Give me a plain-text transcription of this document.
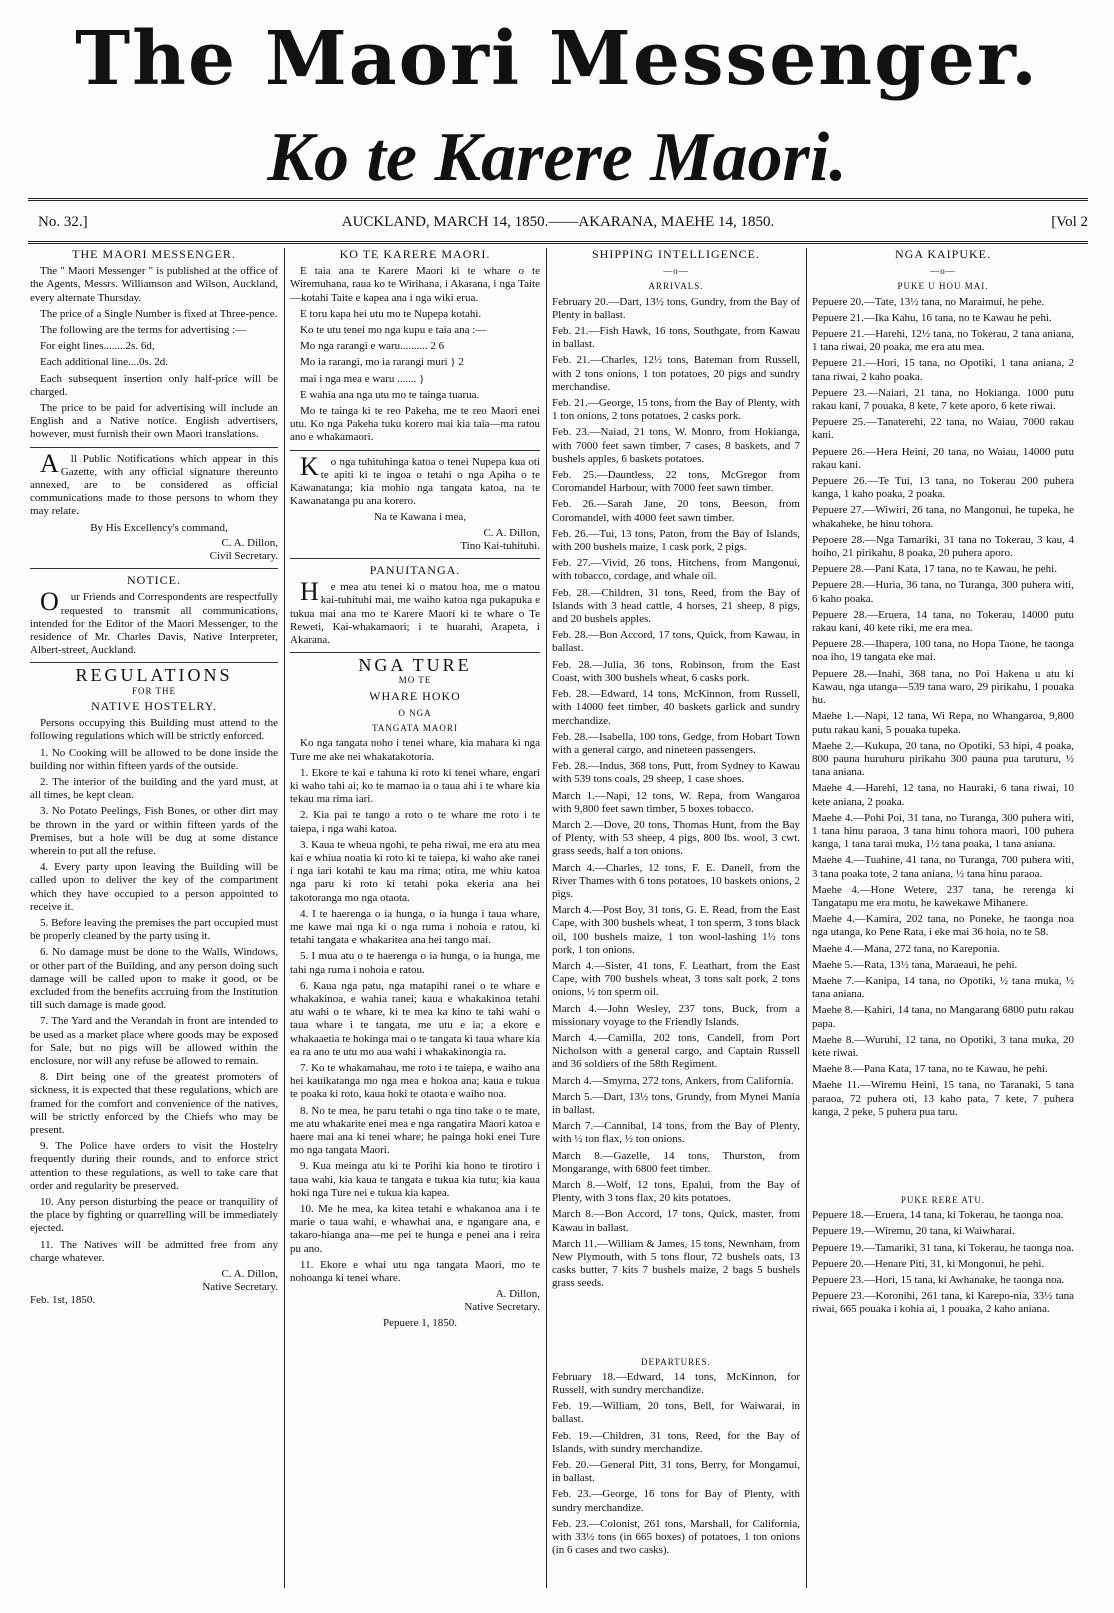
The Maori Messenger.
Ko te Karere Maori.
No. 32.]	AUCKLAND, MARCH 14, 1850.——AKARANA, MAEHE 14, 1850.	[Vol 2
THE MAORI MESSENGER.

The " Maori Messenger " is published at the office of the Agents, Messrs. Williamson and Wilson, Auckland, every alternate Thursday.

The price of a Single Number is fixed at Three-pence.

The following are the terms for advertising :—

For eight lines........2s. 6d,

Each additional line....0s. 2d.

Each subsequent insertion only half-price will be charged.

The price to be paid for advertising will include an English and a Native notice. English advertisers, however, must furnish their own Maori translations.

All Public Notifications which appear in this Gazette, with any official signature thereunto annexed, are to be considered as official communications made to those persons to whom they may relate.

By His Excellency's command,

C. A. Dillon,

Civil Secretary.

NOTICE.

Our Friends and Correspondents are respectfully requested to transmit all communications, intended for the Editor of the Maori Messenger, to the residence of Mr. Charles Davis, Native Interpreter, Albert-street, Auckland.

REGULATIONS
FOR THE
NATIVE HOSTELRY.

Persons occupying this Building must attend to the following regulations which will be strictly enforced.

1. No Cooking will be allowed to be done inside the building nor within fifteen yards of the outside.

2. The interior of the building and the yard must, at all times, be kept clean.

3. No Potato Peelings, Fish Bones, or other dirt may be thrown in the yard or within fifteen yards of the Premises, but a hole will be dug at some distance wherein to put all the refuse.

4. Every party upon leaving the Building will be called upon to deliver the key of the compartment which they have occupied to a person appointed to receive it.

5. Before leaving the premises the part occupied must be properly cleaned by the party using it.

6. No damage must be done to the Walls, Windows, or other part of the Building, and any person doing such damage will be called upon to make it good, or be excluded from the benefits accruing from the Institution till such damage is made good.

7. The Yard and the Verandah in front are intended to be used as a market place where goods may be exposed for Sale, but no pigs will be allowed within the enclosure, nor will any refuse be allowed to remain.

8. Dirt being one of the greatest promoters of sickness, it is expected that these regulations, which are framed for the comfort and convenience of the natives, will be strictly enforced by the Chiefs who may be present.

9. The Police have orders to visit the Hostelry frequently during their rounds, and to enforce strict attention to these regulations, as well to take care that order and regularity be preserved.

10. Any person disturbing the peace or tranquility of the place by fighting or quarrelling will be immediately ejected.

11. The Natives will be admitted free from any charge whatever.

C. A. Dillon,

Native Secretary.

Feb. 1st, 1850.

KO TE KARERE MAORI.

E taia ana te Karere Maori ki te whare o te Wiremuhana, raua ko te Wirihana, i Akarana, i nga Taite—kotahi Taite e kapea ana i nga wiki erua.

E toru kapa hei utu mo te Nupepa kotahi.

Ko te utu tenei mo nga kupu e taia ana :—

Mo nga rarangi e waru.......... 2 6

Mo ia rarangi, mo ia rarangi muri } 2

mai i nga mea e waru ....... }

E wahia ana nga utu mo te tainga tuarua.

Mo te tainga ki te reo Pakeha, me te reo Maori enei utu. Ko nga Pakeha tuku korero mai kia taia—ma ratou ano e whakamaori.

Ko nga tuhituhinga katoa o tenei Nupepa kua oti te apiti ki te ingoa o tetahi o nga Apiha o te Kawanatanga; kia mohio nga tangata katoa, na te Kawanatanga pu ana korero.

Na te Kawana i mea,

C. A. Dillon,

Tino Kai-tuhituhi.

PANUITANGA.

He mea atu tenei ki o matou hoa, me o matou kai-tuhituhi mai, me waiho katoa nga pukapuka e tukua mai ana mo te Karere Maori ki te whare o Te Reweti, Kai-whakamaori; i te huarahi, Arapeta, i Akarana.

NGA TURE
MO TE
WHARE HOKO
O NGA
TANGATA MAORI

Ko nga tangata noho i tenei whare, kia mahara ki nga Ture me ake nei whakatakotoria.

1. Ekore te kai e tahuna ki roto ki tenei whare, engari ki waho tahi ai; ko te mamao ia o taua ahi i te whare kia tekau ma rima iari.

2. Kia pai te tango a roto o te whare me roto i te taiepa, i nga wahi katoa.

3. Kaua te wheua ngohi, te peha riwai, me era atu mea kai e whiua noatia ki roto ki te taiepa, ki waho ake ranei i nga iari kotahi te kau ma rima; otira, me whiu katoa nga paru ki roto ki tetahi poka ekeria ana hei takotoranga mo nga otaota.

4. I te haerenga o ia hunga, o ia hunga i taua whare, me kawe mai nga ki o nga ruma i nohoia e ratou, ki tetahi tangata e whakaritea ana hei tango mai.

5. I mua atu o te haerenga o ia hunga, o ia hunga, me tahi nga ruma i nohoia e ratou.

6. Kaua nga patu, nga matapihi ranei o te whare e whakakinoa, e wahia ranei; kaua e whakakinoa tetahi atu wahi o te whare, ki te mea ka kino te tahi wahi o taua whare i te tangata, me utu e ia; a ekore e whakaaetia te hokinga mai o te tangata ki taua whare kia ea ra ano te utu mo aua wahi i whakakinongia ra.

7. Ko te whakamahau, me roto i te taiepa, e waiho ana hei kauikatanga mo nga mea e hokoa ana; kaua e tukua te poaka ki roto, kaua hoki te otaota e waiho noa.

8. No te mea, he paru tetahi o nga tino take o te mate, me atu whakarite enei mea e nga rangatira Maori katoa e haere mai ana ki tenei whare; he painga hoki enei Ture mo nga tangata Maori.

9. Kua meinga atu ki te Porihi kia hono te tirotiro i taua wahi, kia kaua te tangata e tukua kia tutu; kia kaua hoki nga Ture nei e tukua kia kapea.

10. Me he mea, ka kitea tetahi e whakanoa ana i te marie o taua wahi, e whawhai ana, e ngangare ana, e takaro-hianga ana—me pei te hunga e penei ana i reira pu ano.

11. Ekore e whai utu nga tangata Maori, mo te nohoanga ki tenei whare.

A. Dillon,

Native Secretary.

Pepuere 1, 1850.

SHIPPING INTELLIGENCE.
—o—
ARRIVALS.

February 20.—Dart, 13½ tons, Gundry, from the Bay of Plenty in ballast.

Feb. 21.—Fish Hawk, 16 tons, Southgate, from Kawau in ballast.

Feb. 21.—Charles, 12½ tons, Bateman from Russell, with 2 tons onions, 1 ton potatoes, 20 pigs and sundry merchandise.

Feb. 21.—George, 15 tons, from the Bay of Plenty, with 1 ton onions, 2 tons potatoes, 2 casks pork.

Feb. 23.—Naiad, 21 tons, W. Monro, from Hokianga, with 7000 feet sawn timber, 7 cases, 8 baskets, and 7 bushels apples, 6 baskets potatoes.

Feb. 25.—Dauntless, 22 tons, McGregor from Coromandel Harbour, with 7000 feet sawn timber.

Feb. 26.—Sarah Jane, 20 tons, Beeson, from Coromandel, with 4000 feet sawn timber.

Feb. 26.—Tui, 13 tons, Paton, from the Bay of Islands, with 200 bushels maize, 1 cask pork, 2 pigs.

Feb. 27.—Vivid, 26 tons, Hitchens, from Mangonui, with tobacco, cordage, and whale oil.

Feb. 28.—Children, 31 tons, Reed, from the Bay of Islands with 3 head cattle, 4 horses, 21 sheep, 8 pigs, and 20 bushels apples.

Feb. 28.—Bon Accord, 17 tons, Quick, from Kawau, in ballast.

Feb. 28.—Julia, 36 tons, Robinson, from the East Coast, with 300 bushels wheat, 6 casks pork.

Feb. 28.—Edward, 14 tons, McKinnon, from Russell, with 14000 feet timber, 40 baskets garlick and sundry merchandize.

Feb. 28.—Isabella, 100 tons, Gedge, from Hobart Town with a general cargo, and nineteen passengers.

Feb. 28.—Indus, 368 tons, Putt, from Sydney to Kawau with 539 tons coals, 29 sheep, 1 case shoes.

March 1.—Napi, 12 tons, W. Repa, from Wangaroa with 9,800 feet sawn timber, 5 boxes tobacco.

March 2.—Dove, 20 tons, Thomas Hunt, from the Bay of Plenty, with 53 sheep, 4 pigs, 800 lbs. wool, 3 cwt. grass seeds, half a ton onions.

March 4.—Charles, 12 tons, F. E. Danell, from the River Thames with 6 tons potatoes, 10 baskets onions, 2 pigs.

March 4.—Post Boy, 31 tons, G. E. Read, from the East Cape, with 300 bushels wheat, 1 ton sperm, 3 tons black oil, 100 bushels maize, 1 ton wool-lashing 1½ tons pork, 1 ton onions.

March 4.—Sister, 41 tons, F. Leathart, from the East Cape, with 700 bushels wheat, 3 tons salt pork, 2 tons onions, ½ ton sperm oil.

March 4.—John Wesley, 237 tons, Buck, from a missionary voyage to the Friendly Islands.

March 4.—Camilla, 202 tons, Candell, from Port Nicholson with a general cargo, and Captain Russell and 36 soldiers of the 58th Regiment.

March 4.—Smyrna, 272 tons, Ankers, from California.

March 5.—Dart, 13½ tons, Grundy, from Mynei Mania in ballast.

March 7.—Cannibal, 14 tons, from the Bay of Plenty, with ½ ton flax, ½ ton onions.

March 8.—Gazelle, 14 tons, Thurston, from Mongarange, with 6800 feet timber.

March 8.—Wolf, 12 tons, Epalui, from the Bay of Plenty, with 3 tons flax, 20 kits potatoes.

March 8.—Bon Accord, 17 tons, Quick, master, from Kawau in ballast.

March 11.—William & James, 15 tons, Newnham, from New Plymouth, with 5 tons flour, 72 bushels oats, 13 casks butter, 7 kits 7 bushels maize, 2 bags 5 bushels grass seeds.

DEPARTURES.

February 18.—Edward, 14 tons, McKinnon, for Russell, with sundry merchandize.

Feb. 19.—William, 20 tons, Bell, for Waiwarai, in ballast.

Feb. 19.—Children, 31 tons, Reed, for the Bay of Islands, with sundry merchandize.

Feb. 20.—General Pitt, 31 tons, Berry, for Mongamui, in ballast.

Feb. 23.—George, 16 tons for Bay of Plenty, with sundry merchandize.

Feb. 23.—Colonist, 261 tons, Marshall, for California, with 33½ tons (in 665 boxes) of potatoes, 1 ton onions (in 6 cases and two casks).

NGA KAIPUKE.
—o—
PUKE U HOU MAI.

Pepuere 20.—Tate, 13½ tana, no Maraimui, he pehe.

Pepuere 21.—Ika Kahu, 16 tana, no te Kawau he pehi.

Pepuere 21.—Harehi, 12½ tana, no Tokerau, 2 tana aniana, 1 tana riwai, 20 poaka, me era atu mea.

Pepuere 21.—Hori, 15 tana, no Opotiki, 1 tana aniana, 2 tana riwai, 2 kaho poaka.

Pepuere 23.—Naiari, 21 tana, no Hokianga. 1000 putu rakau kani, 7 pouaka, 8 kete, 7 kete aporo, 6 kete riwai.

Pepuere 25.—Tanaterehi, 22 tana, no Waiau, 7000 rakau kani.

Pepuere 26.—Hera Heini, 20 tana, no Waiau, 14000 putu rakau kani.

Pepuere 26.—Te Tui, 13 tana, no Tokerau 200 puhera kanga, 1 kaho poaka, 2 poaka.

Pepuere 27.—Wiwiri, 26 tana, no Mangonui, he tupeka, he whakaheke, he hinu tohora.

Pepoere 28.—Nga Tamariki, 31 tana no Tokerau, 3 kau, 4 hoiho, 21 pirikahu, 8 poaka, 20 puhera aporo.

Pepuere 28.—Pani Kata, 17 tana, no te Kawau, he pehi.

Pepuere 28.—Huria, 36 tana, no Turanga, 300 puhera witi, 6 kaho poaka.

Pepuere 28.—Eruera, 14 tana, no Tokerau, 14000 putu rakau kani, 40 kete riki, me era mea.

Pepuere 28.—Ihapera, 100 tana, no Hopa Taone, he taonga noa iho, 19 tangata eke mai.

Pepuere 28.—Inahi, 368 tana, no Poi Hakena u atu ki Kawau, nga utanga—539 tana waro, 29 pirikahu, 1 pouaka hu.

Maehe 1.—Napi, 12 tana, Wi Repa, no Whangaroa, 9,800 putu rakau kani, 5 pouaka tupeka.

Maehe 2.—Kukupa, 20 tana, no Opotiki, 53 hipi, 4 poaka, 800 pauna huruhuru pirikahu 300 pauna pua taruturu, ½ tana aniana.

Maehe 4.—Harehi, 12 tana, no Hauraki, 6 tana riwai, 10 kete aniana, 2 poaka.

Maehe 4.—Pohi Poi, 31 tana, no Turanga, 300 puhera witi, 1 tana hinu paraoa, 3 tana hinu tohora maori, 100 puhera kanga, 1 tana tarai muka, 1½ tana poaka, 1 tana aniana.

Maehe 4.—Tuahine, 41 tana, no Turanga, 700 puhera witi, 3 tana poaka tote, 2 tana aniana, ½ tana hinu paraoa.

Maehe 4.—Hone Wetere, 237 tana, he rerenga ki Tangatapu me era motu, he kawekawe Mihanere.

Maehe 4.—Kamira, 202 tana, no Poneke, he taonga noa nga utanga, ko Pene Rata, i eke mai 36 hoia, no te 58.

Maehe 4.—Mana, 272 tana, no Kareponia.

Maehe 5.—Rata, 13½ tana, Maraeaui, he pehi.

Maehe 7.—Kanipa, 14 tana, no Opotiki, ½ tana muka, ½ tana aniana.

Maehe 8.—Kahiri, 14 tana, no Mangarang 6800 putu rakau papa.

Maehe 8.—Wuruhi, 12 tana, no Opotiki, 3 tana muka, 20 kete riwai.

Maehe 8.—Pana Kata, 17 tana, no te Kawau, he pehi.

Maehe 11.—Wiremu Heini, 15 tana, no Taranaki, 5 tana paraoa, 72 puhera oti, 13 kaho pata, 7 kete, 7 puhera kanga, 2 peke, 5 puhera pua taru.

PUKE RERE ATU.

Pepuere 18.—Eruera, 14 tana, ki Tokerau, he taonga noa.

Pepuere 19.—Wiremu, 20 tana, ki Waiwharai.

Pepuere 19.—Tamariki, 31 tana, ki Tokerau, he taonga noa.

Pepuere 20.—Henare Piti, 31, ki Mongonui, he pehi.

Pepuere 23.—Hori, 15 tana, ki Awhanake, he taonga noa.

Pepuere 23.—Koronihi, 261 tana, ki Karepo-nia, 33½ tana riwai, 665 pouaka i kohia ai, 1 pouaka, 2 kaho aniana.
